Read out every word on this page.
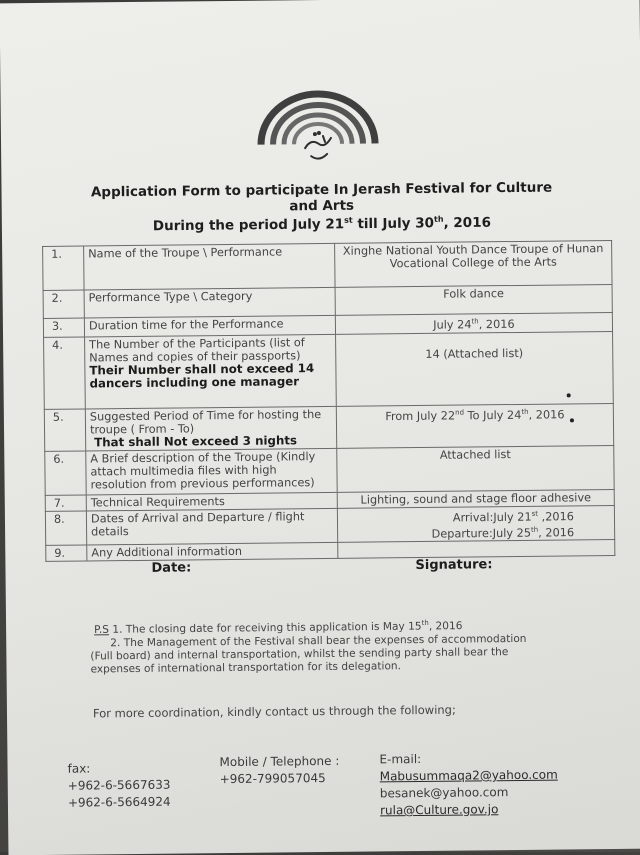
Application Form to participate In Jerash Festival for Culture
and Arts
During the period July 21st till July 30th, 2016
1.	Name of the Troupe \ Performance	Xinghe National Youth Dance Troupe of Hunan Vocational College of the Arts
2.	Performance Type \ Category	Folk dance
3.	Duration time for the Performance	July 24th, 2016
4.	The Number of the Participants (list of Names and copies of their passports)
Their Number shall not exceed 14 dancers including one manager	14 (Attached list)

5.	Suggested Period of Time for hosting the troupe ( From - To)
That shall Not exceed 3 nights	From July 22nd To July 24th, 2016
6.	A Brief description of the Troupe (Kindly attach multimedia files with high resolution from previous performances)	Attached list
7.	Technical Requirements	Lighting, sound and stage floor adhesive
8.	Dates of Arrival and Departure / flight details	Arrival:July 21st ,2016
Departure:July 25th, 2016

9.	Any Additional information	
Date:	Signature:
P.S 1. The closing date for receiving this application is May 15th, 2016
2. The Management of the Festival shall bear the expenses of accommodation (Full board) and internal transportation, whilst the sending party shall bear the expenses of international transportation for its delegation.
For more coordination, kindly contact us through the following;
fax:
+962-6-5667633
+962-6-5664924
Mobile / Telephone :
+962-799057045
E-mail:
Mabusummaqa2@yahoo.com
besanek@yahoo.com
rula@Culture.gov.jo
